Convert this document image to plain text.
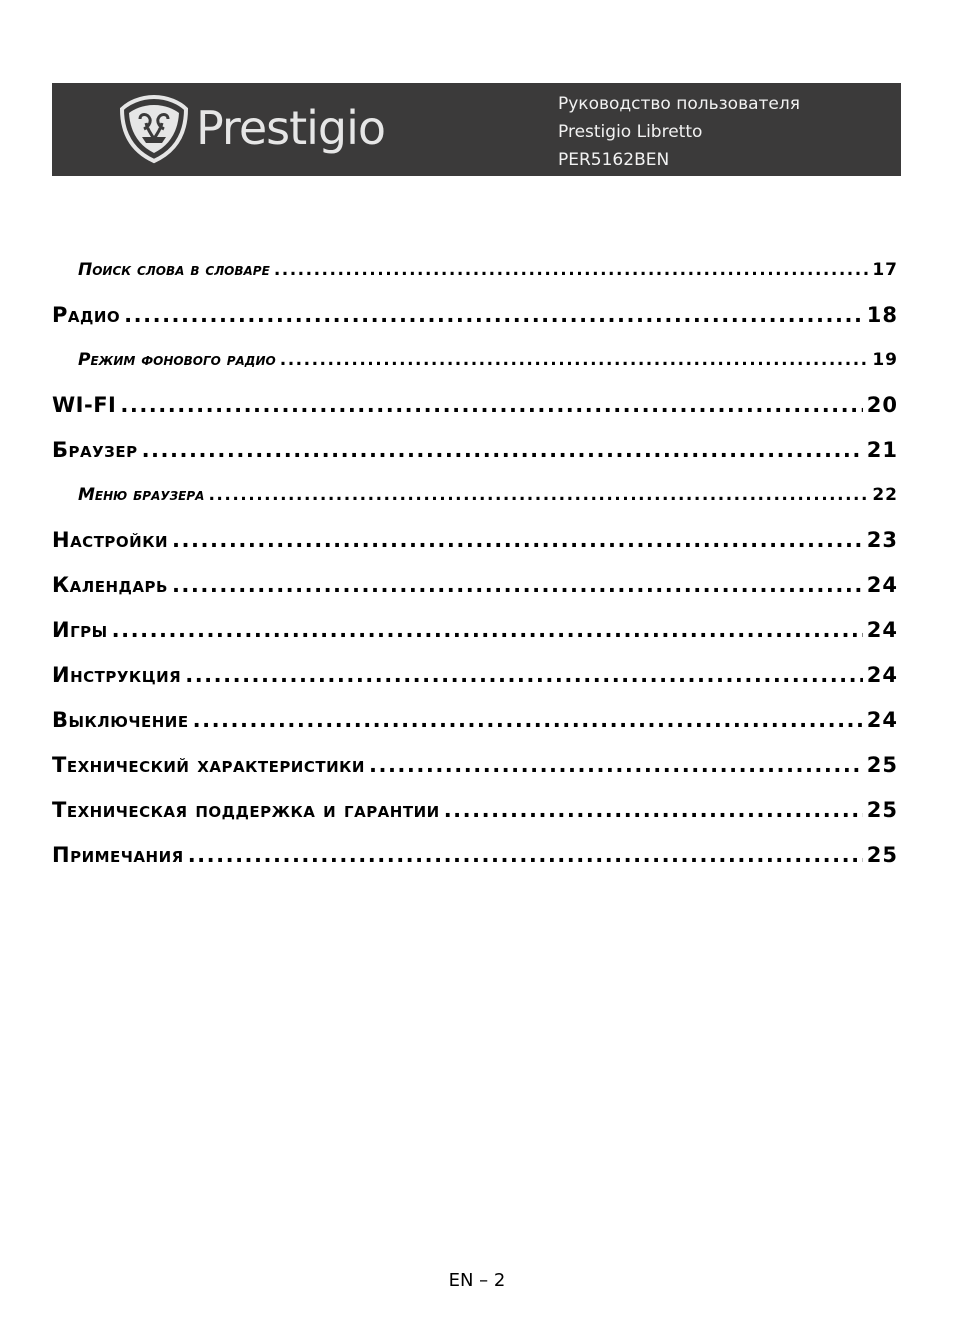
Prestigio	Руководство пользователя
Prestigio Libretto
PER5162BEN
Поиск слова в словаре .....	17
Радио .....	18
Режим фонового радио .....	19
WI-FI .....	20
Браузер .....	21
Меню браузера .....	22
Настройки .....	23
Календарь .....	24
Игры .....	24
Инструкция .....	24
Выключение .....	24
Технический характеристики .....	25
Техническая поддержка и гарантии .....	25
Примечания .....	25
EN – 2
